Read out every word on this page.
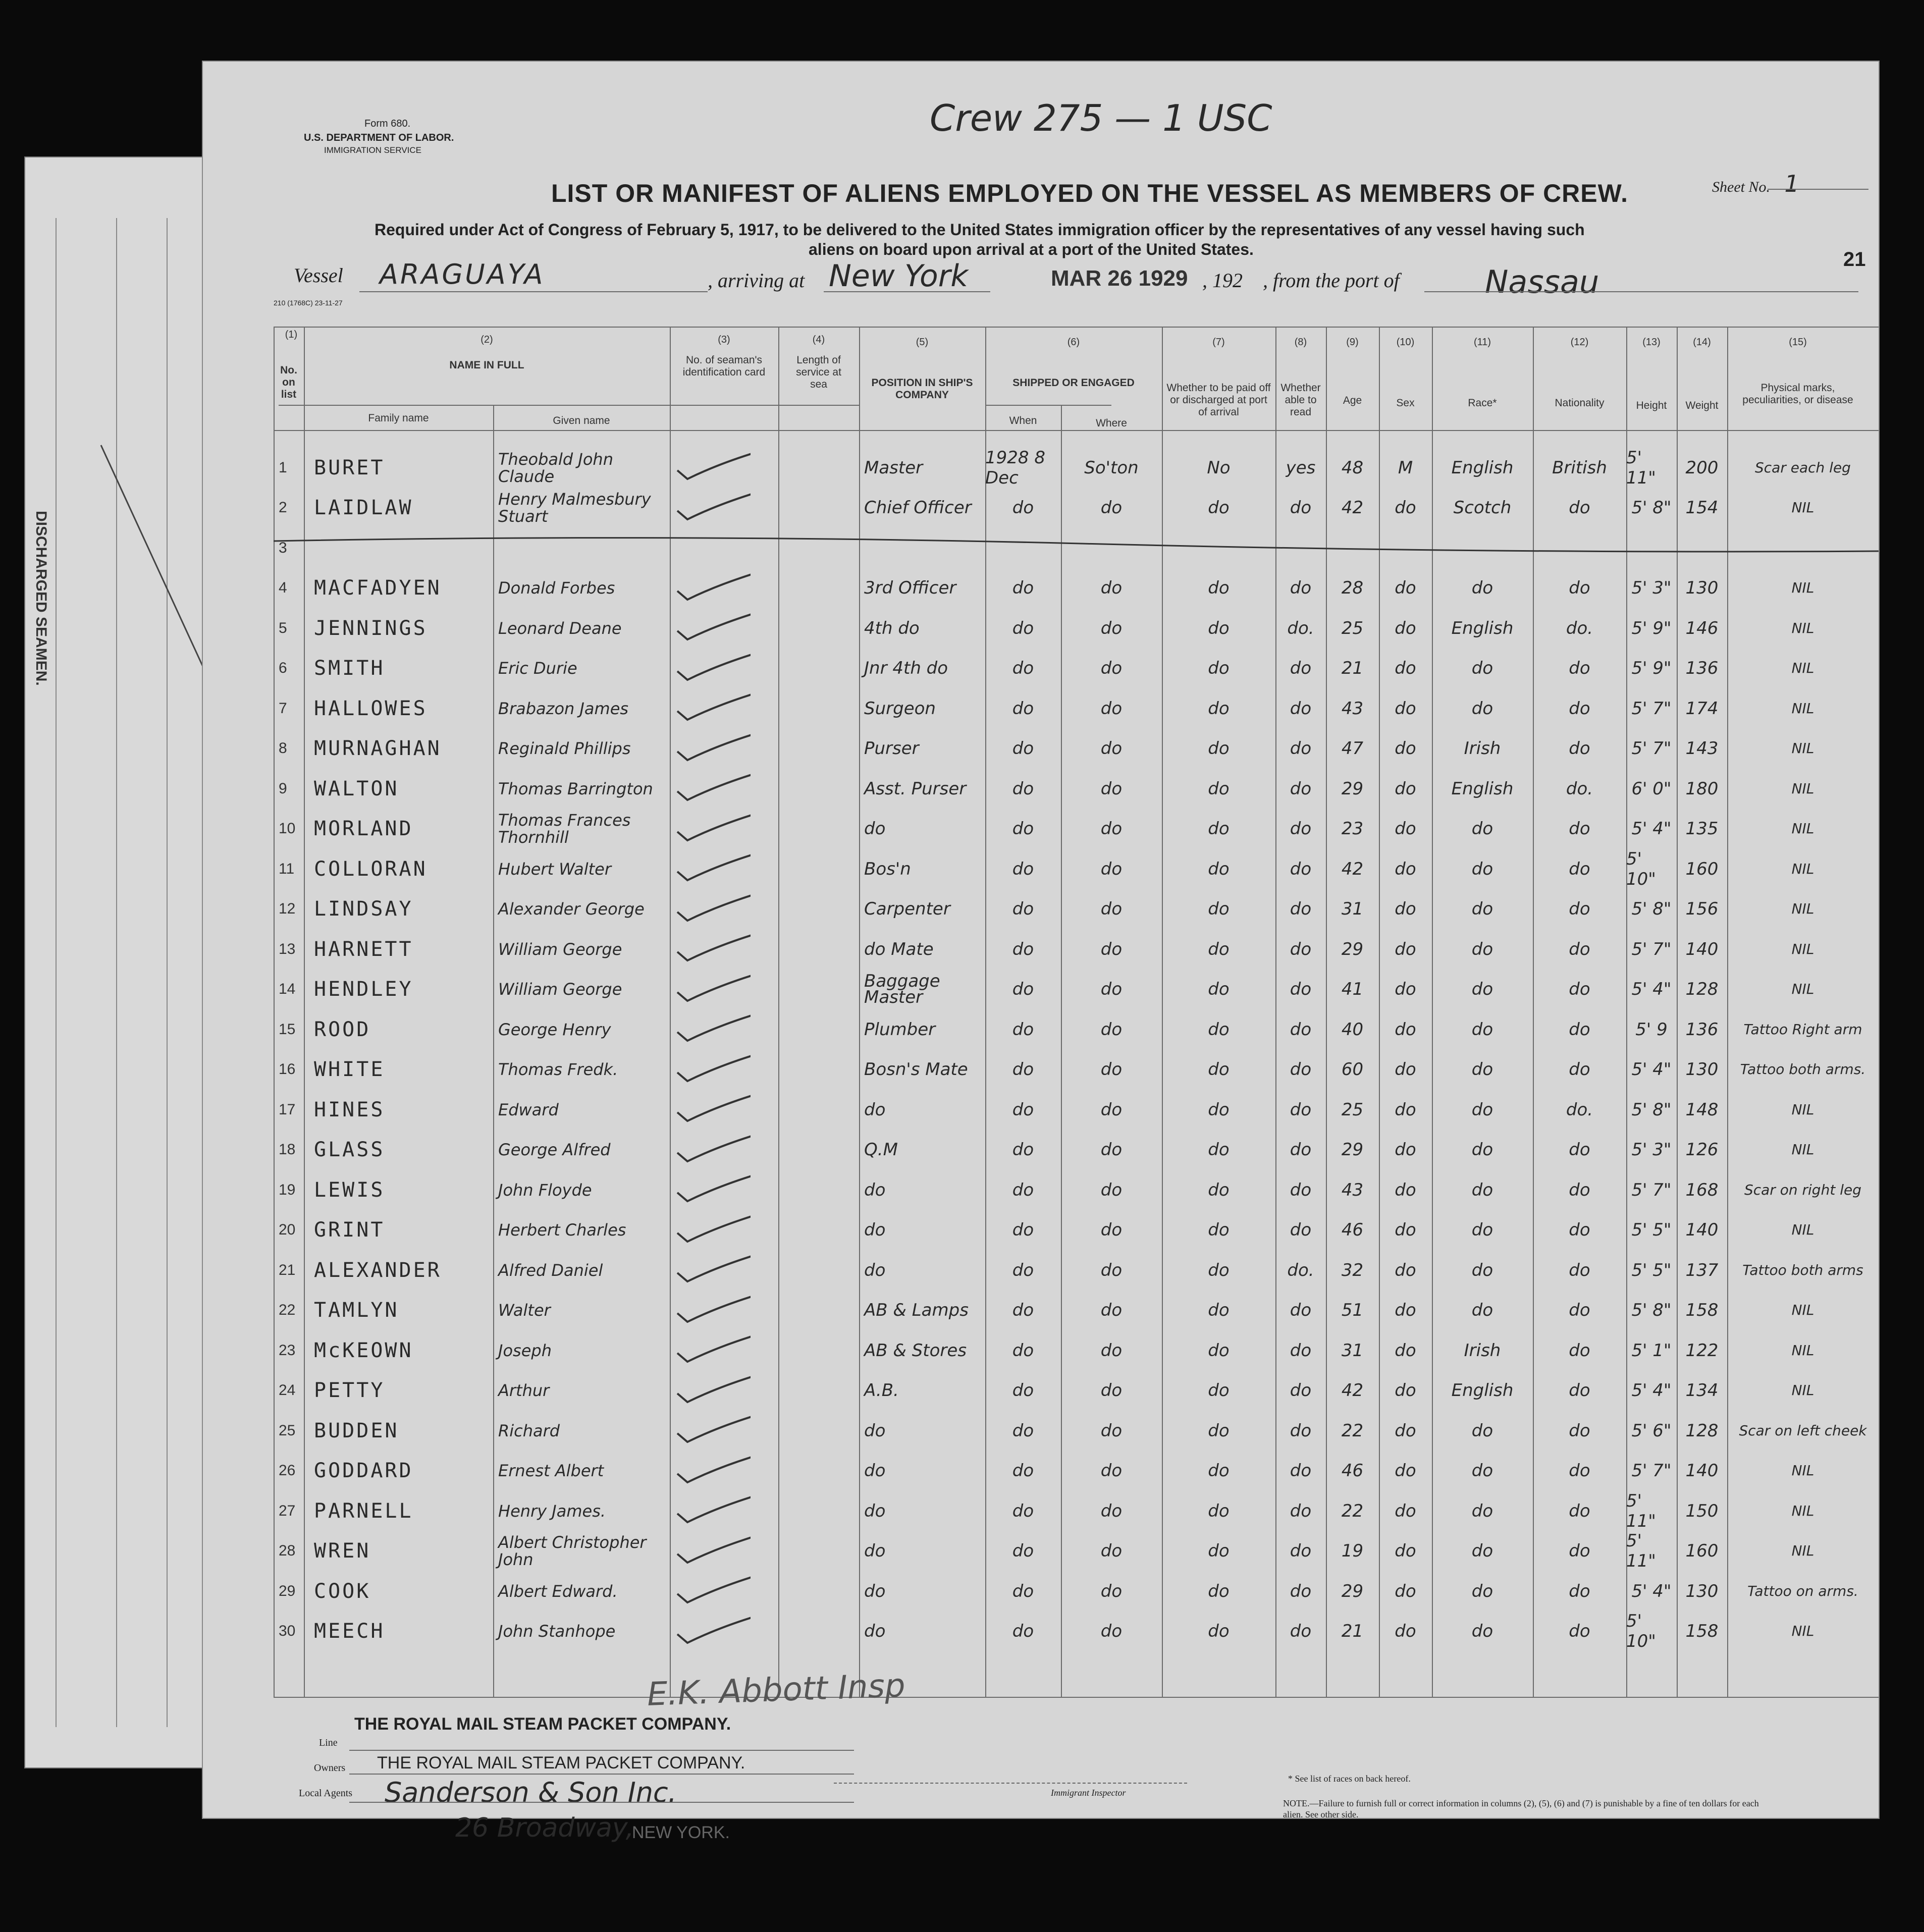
DISCHARGED SEAMEN.
Crew 275 — 1 USC
Form 680.
U.S. DEPARTMENT OF LABOR.
IMMIGRATION SERVICE
Sheet No. 1
LIST OR MANIFEST OF ALIENS EMPLOYED ON THE VESSEL AS MEMBERS OF CREW.
Required under Act of Congress of February 5, 1917, to be delivered to the United States immigration officer by the representatives of any vessel having such
aliens on board upon arrival at a port of the United States.	21
210 (1768C) 23-11-27
Vessel ARAGUAYA	, arriving at New York	MAR 26 1929 , 192 , from the port of	Nassau
(1)
No. on list
(2)
NAME IN FULL
Family name	Given name
(3)
No. of seaman's identification card
(4)
Length of service at sea
(5)
POSITION IN SHIP'S COMPANY
(6)
SHIPPED OR ENGAGED
When	Where
(7)
Whether to be paid off or discharged at port of arrival
(8)
Whether able to read
(9)
Age
(10)
Sex
(11)
Race*
(12)
Nationality
(13)
Height
(14)
Weight
(15)
Physical marks, peculiarities, or disease
1	BURET	Theobald John Claude	Master	1928 8 Dec	So'ton	No	yes	48	M	English	British	5' 11"	200	Scar each leg
2	LAIDLAW	Henry Malmesbury Stuart	Chief Officer	do	do	do	do	42	do	Scotch	do	5' 8" 154	NIL
3
4	MACFADYEN	Donald Forbes	3rd Officer	do	do	do	do	28	do	do	do	5' 3" 130	NIL
5	JENNINGS	Leonard Deane	4th do	do	do	do	do.	25	do	English	do.	5' 9" 146	NIL
6	SMITH	Eric Durie	Jnr 4th do	do	do	do	do	21	do	do	do	5' 9" 136	NIL
7	HALLOWES	Brabazon James	Surgeon	do	do	do	do	43	do	do	do	5' 7" 174	NIL
8	MURNAGHAN	Reginald Phillips	Purser	do	do	do	do	47	do	Irish	do	5' 7" 143	NIL
9	WALTON	Thomas Barrington	Asst. Purser	do	do	do	do	29	do	English	do.	6' 0" 180	NIL
10 MORLAND	Thomas Frances Thornhill	do	do	do	do	do	23	do	do	do	5' 4" 135	NIL
11 COLLORAN	Hubert Walter	Bos'n	do	do	do	do	42	do	do	do	5' 10"	160	NIL
12 LINDSAY	Alexander George	Carpenter	do	do	do	do	31	do	do	do	5' 8" 156	NIL
13 HARNETT	William George	do Mate	do	do	do	do	29	do	do	do	5' 7" 140	NIL
14 HENDLEY	William George	Baggage Master	do	do	do	do	41	do	do	do	5' 4" 128	NIL
15 ROOD	George Henry	Plumber	do	do	do	do	40	do	do	do	5' 9	136	Tattoo Right arm
16 WHITE	Thomas Fredk.	Bosn's Mate	do	do	do	do	60	do	do	do	5' 4" 130	Tattoo both arms.
17 HINES	Edward	do	do	do	do	do	25	do	do	do.	5' 8" 148	NIL
18 GLASS	George Alfred	Q.M	do	do	do	do	29	do	do	do	5' 3" 126	NIL
19 LEWIS	John Floyde	do	do	do	do	do	43	do	do	do	5' 7" 168	Scar on right leg
20 GRINT	Herbert Charles	do	do	do	do	do	46	do	do	do	5' 5" 140	NIL
21 ALEXANDER	Alfred Daniel	do	do	do	do	do.	32	do	do	do	5' 5" 137	Tattoo both arms
22 TAMLYN	Walter	AB & Lamps	do	do	do	do	51	do	do	do	5' 8" 158	NIL
23 McKEOWN	Joseph	AB & Stores	do	do	do	do	31	do	Irish	do	5' 1" 122	NIL
24 PETTY	Arthur	A.B.	do	do	do	do	42	do	English	do	5' 4" 134	NIL
25 BUDDEN	Richard	do	do	do	do	do	22	do	do	do	5' 6" 128	Scar on left cheek
26 GODDARD	Ernest Albert	do	do	do	do	do	46	do	do	do	5' 7" 140	NIL
27 PARNELL	Henry James.	do	do	do	do	do	22	do	do	do	5' 11"	150	NIL
28 WREN	Albert Christopher John	do	do	do	do	do	19	do	do	do	5' 11"	160	NIL
29 COOK	Albert Edward.	do	do	do	do	do	29	do	do	do	5' 4" 130	Tattoo on arms.
30 MEECH	John Stanhope	do	do	do	do	do	21	do	do	do	5' 10"	158	NIL
E.K. Abbott Insp
THE ROYAL MAIL STEAM PACKET COMPANY.
Line
Owners THE ROYAL MAIL STEAM PACKET COMPANY.
Local Agents Sanderson & Son Inc.
26 Broadway,
NEW YORK.
Immigrant Inspector
* See list of races on back hereof.
NOTE.—Failure to furnish full or correct information in columns (2), (5), (6) and (7) is punishable by a fine of ten dollars for each alien. See other side.
